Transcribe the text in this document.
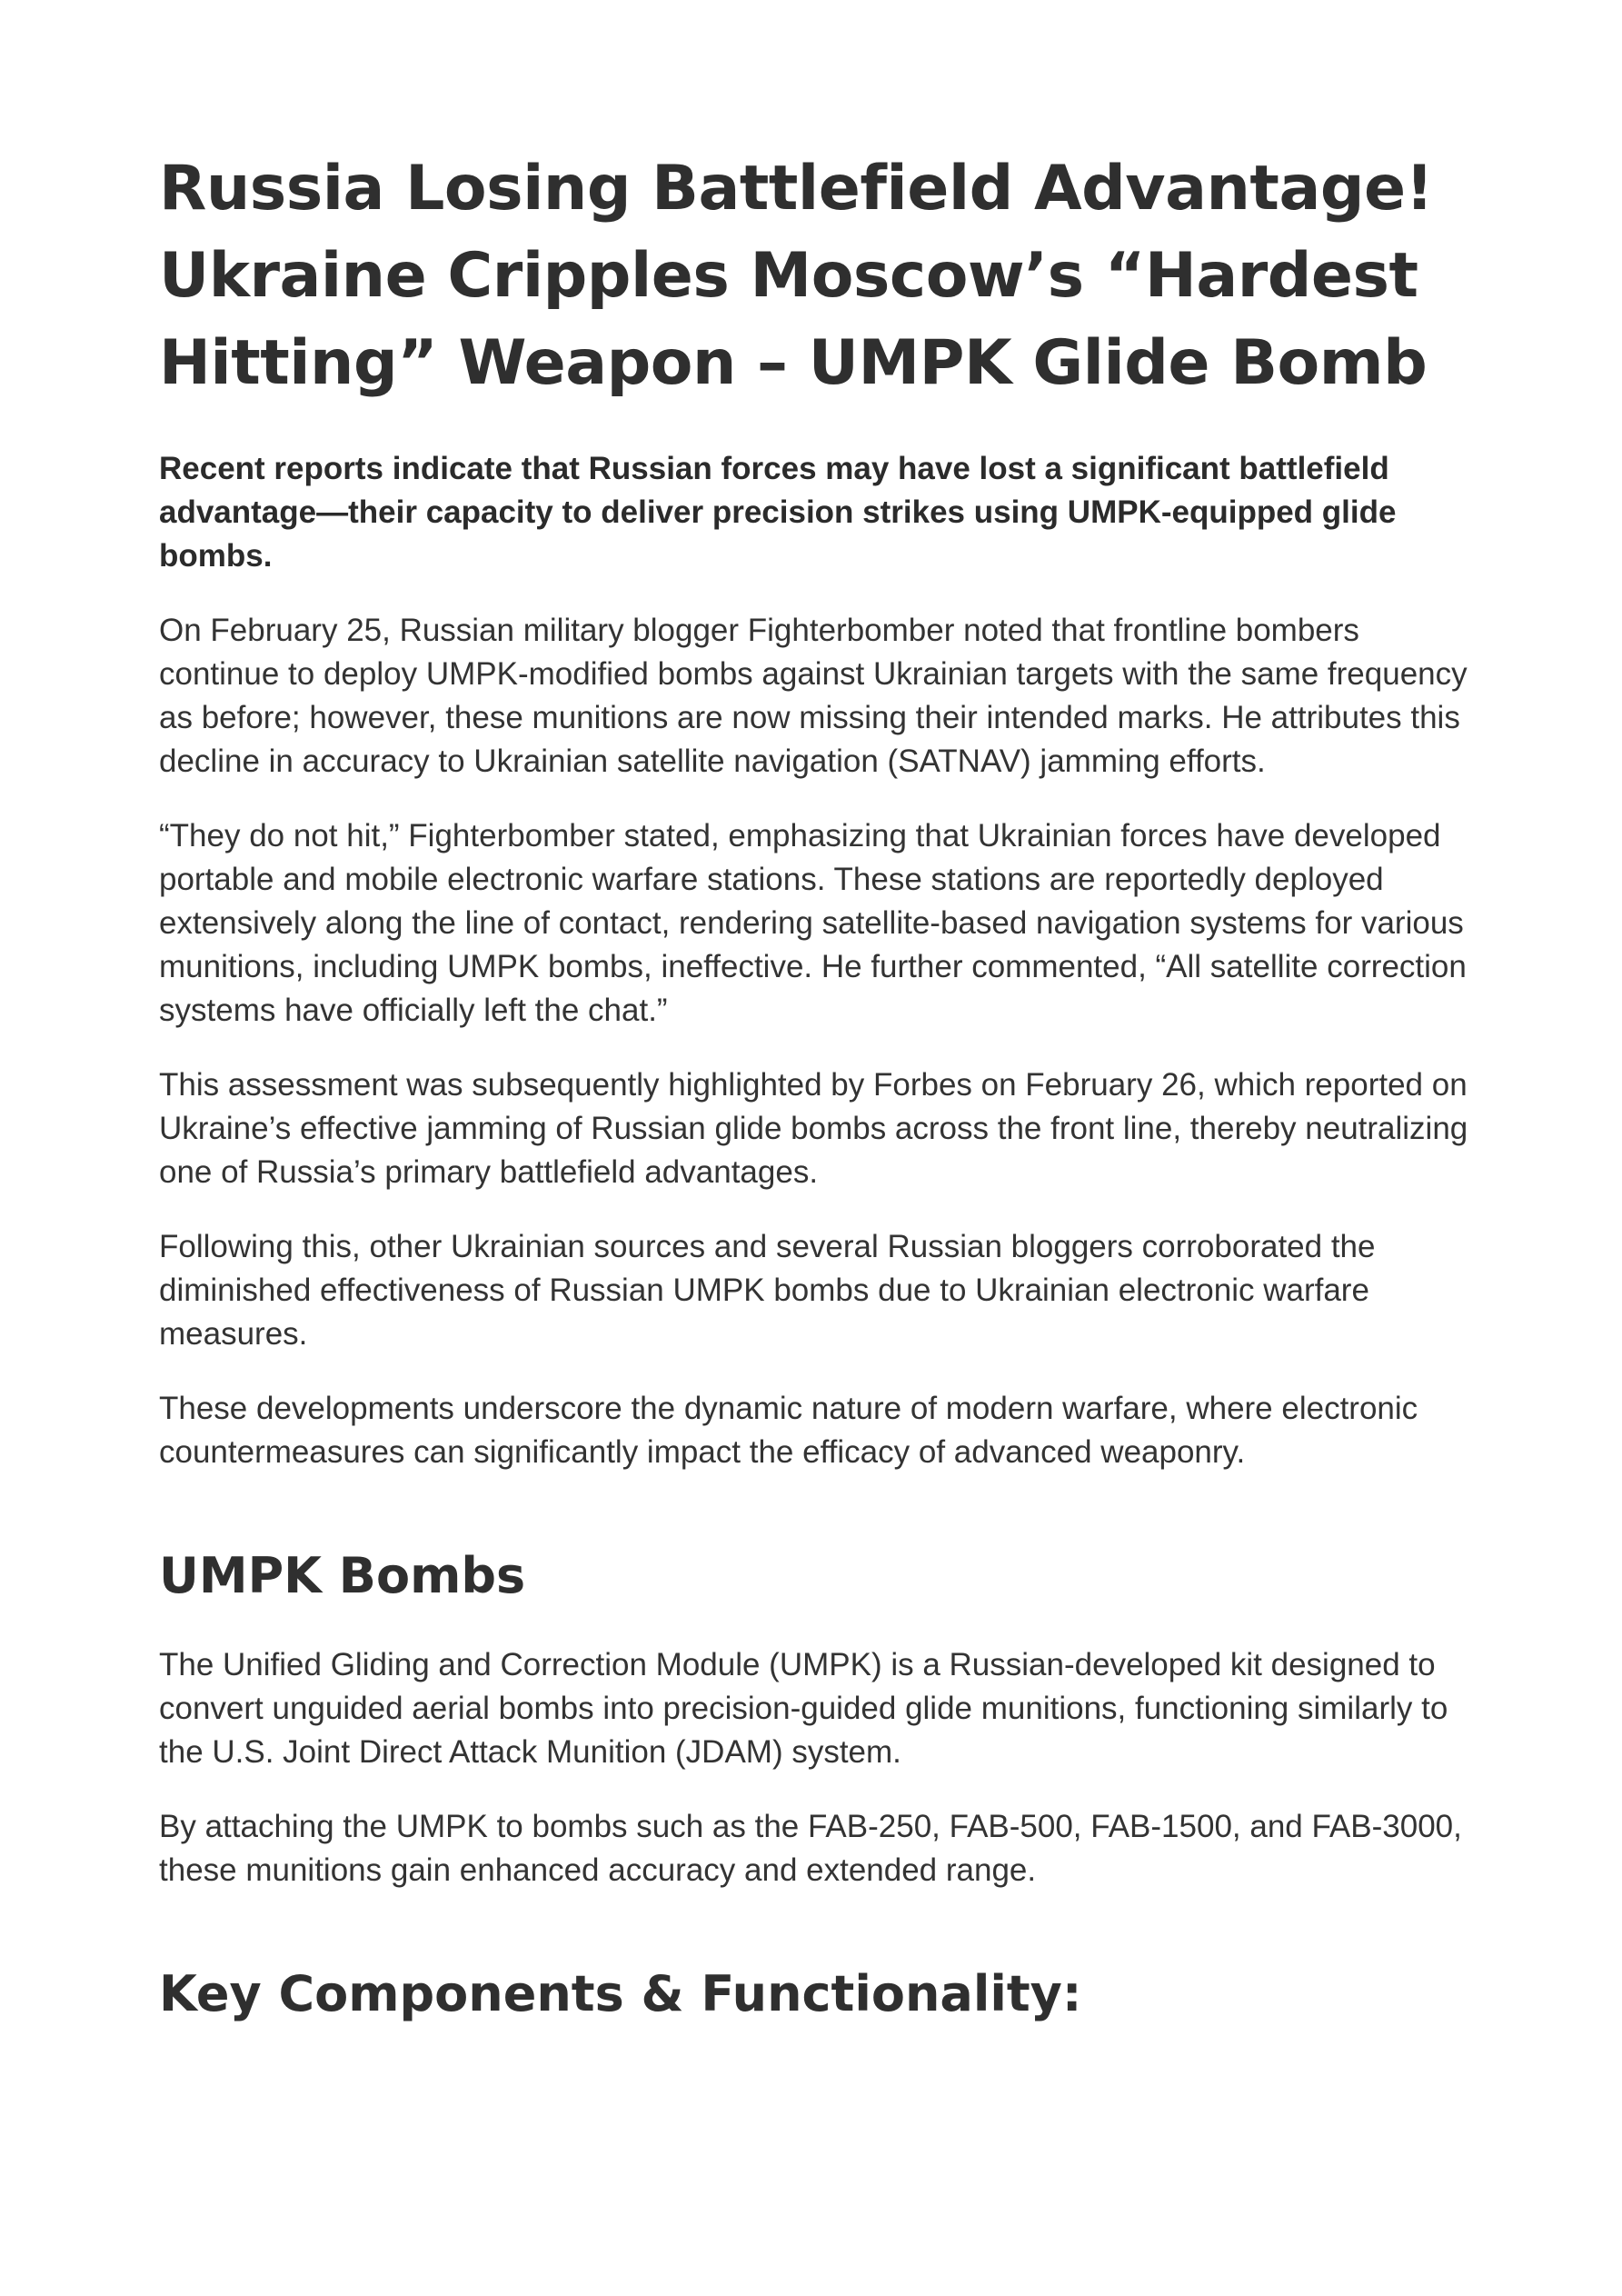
Russia Losing Battlefield Advantage!
Ukraine Cripples Moscow’s “Hardest
Hitting” Weapon – UMPK Glide Bomb

Recent reports indicate that Russian forces may have lost a significant battlefield advantage—their capacity to deliver precision strikes using UMPK-equipped glide bombs.

On February 25, Russian military blogger Fighterbomber noted that frontline bombers continue to deploy UMPK-modified bombs against Ukrainian targets with the same frequency as before; however, these munitions are now missing their intended marks. He attributes this decline in accuracy to Ukrainian satellite navigation (SATNAV) jamming efforts.

“They do not hit,” Fighterbomber stated, emphasizing that Ukrainian forces have developed portable and mobile electronic warfare stations. These stations are reportedly deployed extensively along the line of contact, rendering satellite-based navigation systems for various munitions, including UMPK bombs, ineffective. He further commented, “All satellite correction systems have officially left the chat.”

This assessment was subsequently highlighted by Forbes on February 26, which reported on Ukraine’s effective jamming of Russian glide bombs across the front line, thereby neutralizing one of Russia’s primary battlefield advantages.

Following this, other Ukrainian sources and several Russian bloggers corroborated the diminished effectiveness of Russian UMPK bombs due to Ukrainian electronic warfare measures.

These developments underscore the dynamic nature of modern warfare, where electronic countermeasures can significantly impact the efficacy of advanced weaponry.

UMPK Bombs

The Unified Gliding and Correction Module (UMPK) is a Russian-developed kit designed to convert unguided aerial bombs into precision-guided glide munitions, functioning similarly to the U.S. Joint Direct Attack Munition (JDAM) system.

By attaching the UMPK to bombs such as the FAB-250, FAB-500, FAB-1500, and FAB-3000, these munitions gain enhanced accuracy and extended range.

Key Components & Functionality:
